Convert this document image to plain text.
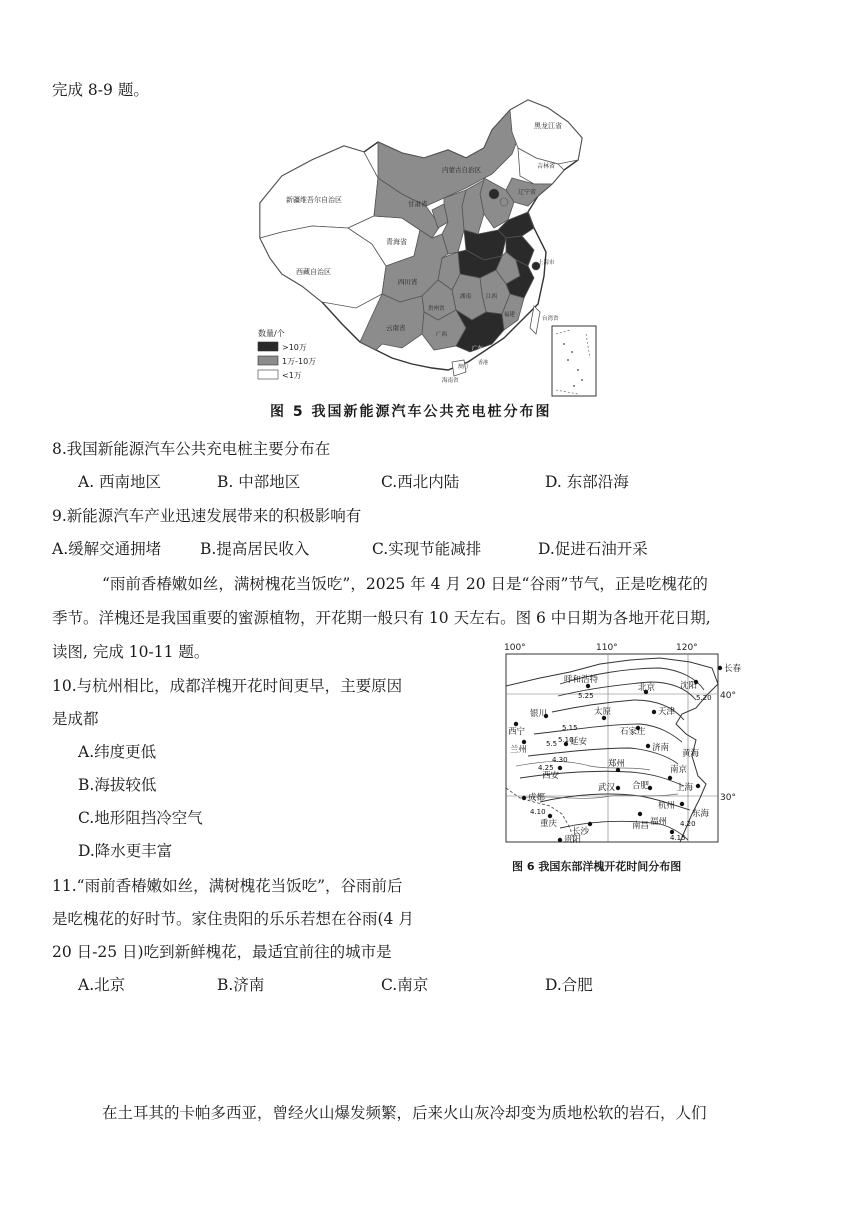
完成 8-9 题。
黑龙江省
吉林省
辽宁省
内蒙古自治区
新疆维吾尔自治区
西藏自治区
青海省
甘肃省
四川省
云南省
贵州省
广西
湖南	江西
福建
上海市
广东
海南省
台湾省
香港
澳门
数量/个
>10万
1万-10万
<1万
图 5 我国新能源汽车公共充电桩分布图
8.我国新能源汽车公共充电桩主要分布在
A. 西南地区	B. 中部地区	C.西北内陆	D. 东部沿海
9.新能源汽车产业迅速发展带来的积极影响有
A.缓解交通拥堵	B.提高居民收入	C.实现节能减排	D.促进石油开采
“雨前香椿嫩如丝，满树槐花当饭吃”，2025 年 4 月 20 日是“谷雨”节气，正是吃槐花的
季节。洋槐还是我国重要的蜜源植物，开花期一般只有 10 天左右。图 6 中日期为各地开花日期,
读图, 完成 10-11 题。
10.与杭州相比，成都洋槐开花时间更早，主要原因
是成都
A.纬度更低
B.海拔较低
C.地形阻挡冷空气
D.降水更丰富
11.“雨前香椿嫩如丝，满树槐花当饭吃”，谷雨前后
是吃槐花的好时节。家住贵阳的乐乐若想在谷雨(4 月
20 日-25 日)吃到新鲜槐花，最适宜前往的城市是
A.北京	B.济南	C.南京	D.合肥
100°	110°	120°
40°
30°
长春
沈阳
呼和浩特
北京
天津
银川	太原
石家庄
西宁
兰州
延安
济南
西安
郑州
武汉 合肥
南京
上海
杭州
成都
重庆
长沙
南昌 福州
贵阳
黄海
东海
5.25	5.20
5.15
5.10
5.5
4.30
4.25
4.20
4.15
4.10
图 6 我国东部洋槐开花时间分布图
在土耳其的卡帕多西亚，曾经火山爆发频繁，后来火山灰冷却变为质地松软的岩石，人们
